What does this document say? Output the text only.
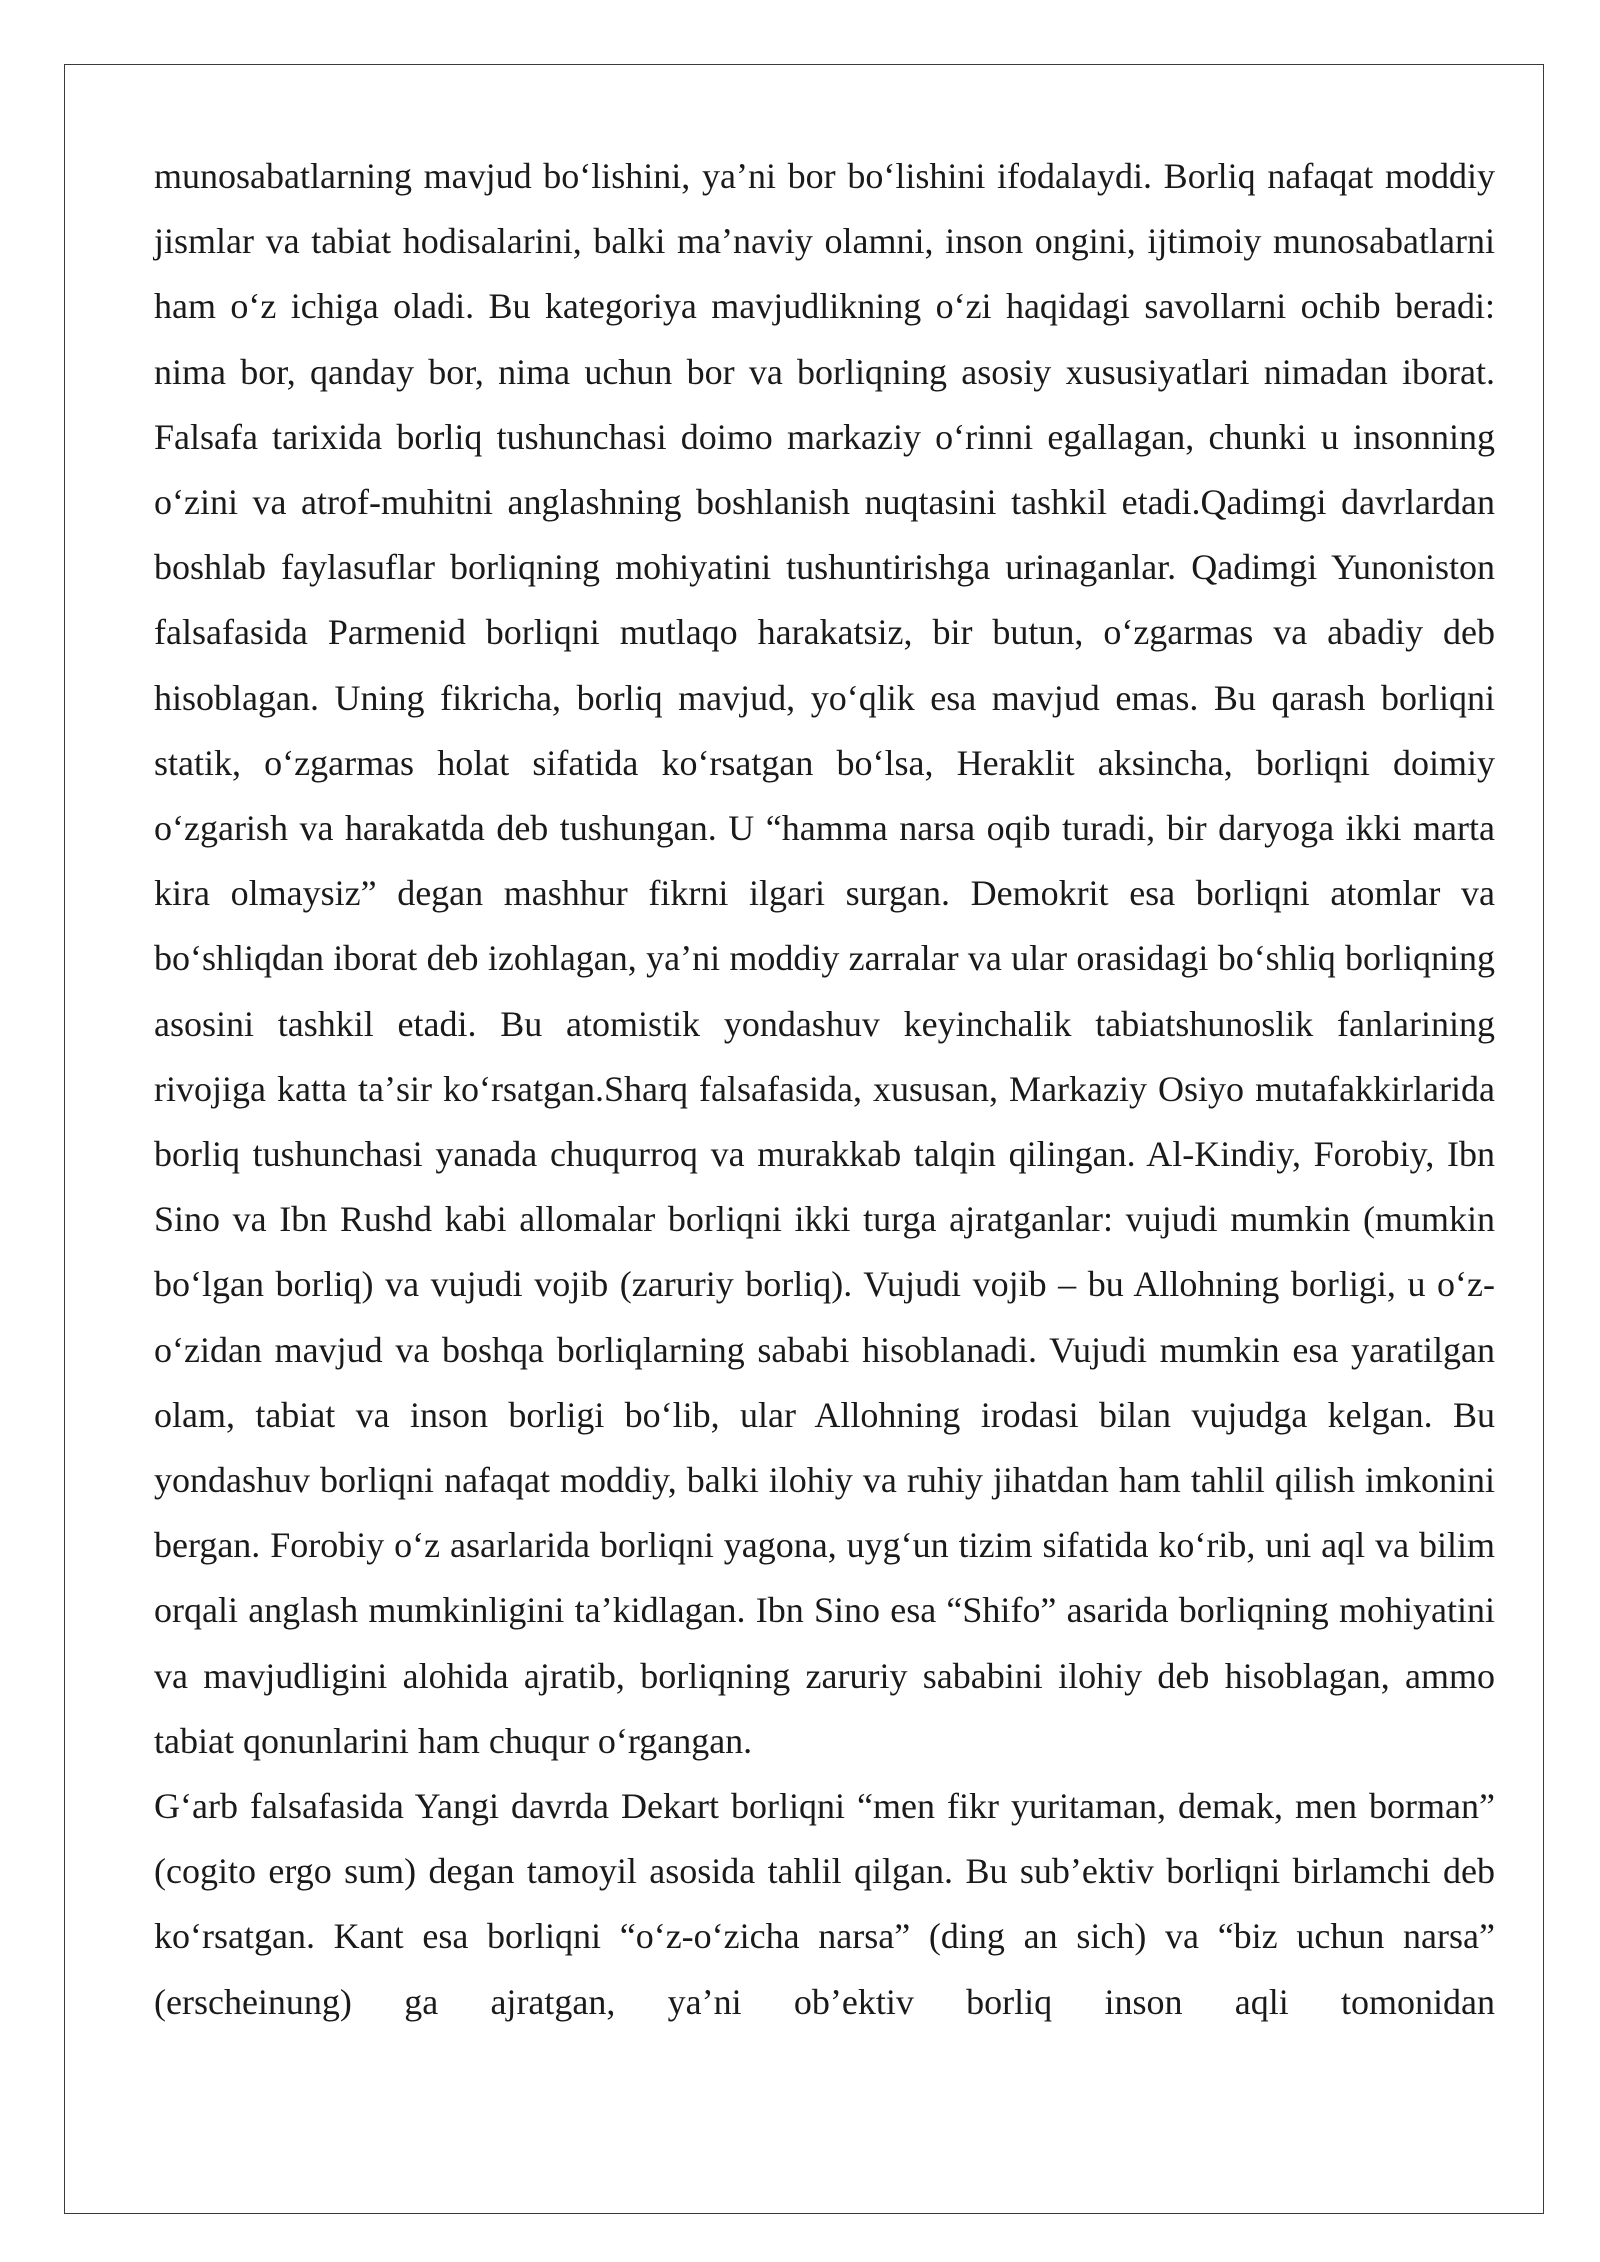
munosabatlarning mavjud boʻlishini, yaʼni bor boʻlishini ifodalaydi. Borliq nafaqat moddiy jismlar va tabiat hodisalarini, balki maʼnaviy olamni, inson ongini, ijtimoiy munosabatlarni ham oʻz ichiga oladi. Bu kategoriya mavjudlikning oʻzi haqidagi savollarni ochib beradi: nima bor, qanday bor, nima uchun bor va borliqning asosiy xususiyatlari nimadan iborat. Falsafa tarixida borliq tushunchasi doimo markaziy oʻrinni egallagan, chunki u insonning oʻzini va atrof-muhitni anglashning boshlanish nuqtasini tashkil etadi.Qadimgi davrlardan boshlab faylasuflar borliqning mohiyatini tushuntirishga urinaganlar. Qadimgi Yunoniston falsafasida Parmenid borliqni mutlaqo harakatsiz, bir butun, oʻzgarmas va abadiy deb hisoblagan. Uning fikricha, borliq mavjud, yoʻqlik esa mavjud emas. Bu qarash borliqni statik, oʻzgarmas holat sifatida koʻrsatgan boʻlsa, Heraklit aksincha, borliqni doimiy oʻzgarish va harakatda deb tushungan. U “hamma narsa oqib turadi, bir daryoga ikki marta kira olmaysiz” degan mashhur fikrni ilgari surgan. Demokrit esa borliqni atomlar va boʻshliqdan iborat deb izohlagan, yaʼni moddiy zarralar va ular orasidagi boʻshliq borliqning asosini tashkil etadi. Bu atomistik yondashuv keyinchalik tabiatshunoslik fanlarining rivojiga katta taʼsir koʻrsatgan.Sharq falsafasida, xususan, Markaziy Osiyo mutafakkirlarida borliq tushunchasi yanada chuqurroq va murakkab talqin qilingan. Al-Kindiy, Forobiy, Ibn Sino va Ibn Rushd kabi allomalar borliqni ikki turga ajratganlar: vujudi mumkin (mumkin boʻlgan borliq) va vujudi vojib (zaruriy borliq). Vujudi vojib – bu Allohning borligi, u oʻz-oʻzidan mavjud va boshqa borliqlarning sababi hisoblanadi. Vujudi mumkin esa yaratilgan olam, tabiat va inson borligi boʻlib, ular Allohning irodasi bilan vujudga kelgan. Bu yondashuv borliqni nafaqat moddiy, balki ilohiy va ruhiy jihatdan ham tahlil qilish imkonini bergan. Forobiy oʻz asarlarida borliqni yagona, uygʻun tizim sifatida koʻrib, uni aql va bilim orqali anglash mumkinligini taʼkidlagan. Ibn Sino esa “Shifo” asarida borliqning mohiyatini va mavjudligini alohida ajratib, borliqning zaruriy sababini ilohiy deb hisoblagan, ammo tabiat qonunlarini ham chuqur oʻrgangan.

Gʻarb falsafasida Yangi davrda Dekart borliqni “men fikr yuritaman, demak, men borman” (cogito ergo sum) degan tamoyil asosida tahlil qilgan. Bu subʼektiv borliqni birlamchi deb koʻrsatgan. Kant esa borliqni “oʻz-oʻzicha narsa” (ding an sich) va “biz uchun narsa” (erscheinung) ga ajratgan, yaʼni obʼektiv borliq inson aqli tomonidan
